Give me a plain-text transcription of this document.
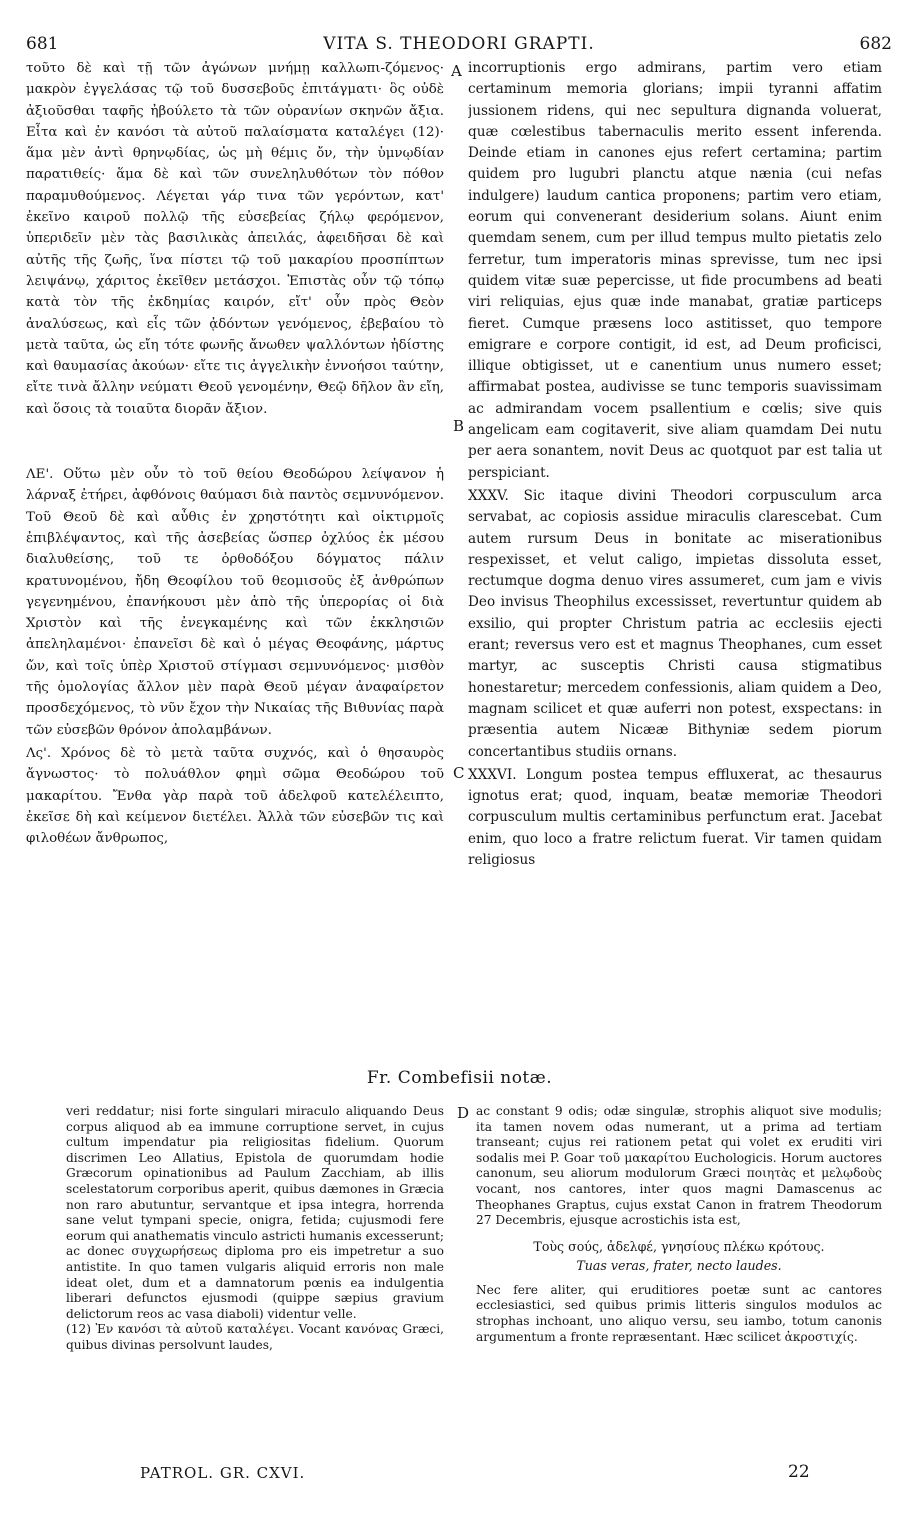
681	VITA S. THEODORI GRAPTI.	682

τοῦτο δὲ καὶ τῇ τῶν ἀγώνων μνήμῃ καλλωπι-ζόμενος· μακρὸν ἐγγελάσας τῷ τοῦ δυσσεβοῦς ἐπιτάγματι· ὃς οὐδὲ ἀξιοῦσθαι ταφῆς ἠβούλετο τὰ τῶν οὐρανίων σκηνῶν ἄξια. Εἶτα καὶ ἐν κανόσι τὰ αὐτοῦ παλαίσματα καταλέγει (12)· ἅμα μὲν ἀντὶ θρηνῳδίας, ὡς μὴ θέμις ὄν, τὴν ὑμνῳδίαν παρατιθείς· ἅμα δὲ καὶ τῶν συνεληλυθότων τὸν πόθον παραμυθούμενος. Λέγεται γάρ τινα τῶν γερόντων, κατ' ἐκεῖνο καιροῦ πολλῷ τῆς εὐσεβείας ζήλῳ φερόμενον, ὑπεριδεῖν μὲν τὰς βασιλικὰς ἀπειλάς, ἀφειδῆσαι δὲ καὶ αὐτῆς τῆς ζωῆς, ἵνα πίστει τῷ τοῦ μακαρίου προσπίπτων λειψάνῳ, χάριτος ἐκεῖθεν μετάσχοι. Ἐπιστὰς οὖν τῷ τόπῳ κατὰ τὸν τῆς ἐκδημίας καιρόν, εἴτ' οὖν πρὸς Θεὸν ἀναλύσεως, καὶ εἷς τῶν ᾀδόντων γενόμενος, ἐβεβαίου τὸ μετὰ ταῦτα, ὡς εἴη τότε φωνῆς ἄνωθεν ψαλλόντων ἡδίστης καὶ θαυμασίας ἀκούων· εἴτε τις ἀγγελικὴν ἐννοήσοι ταύτην, εἴτε τινὰ ἄλλην νεύματι Θεοῦ γενομένην, Θεῷ δῆλον ἂν εἴη, καὶ ὅσοις τὰ τοιαῦτα διορᾶν ἄξιον.

ΛΕ'. Οὕτω μὲν οὖν τὸ τοῦ θείου Θεοδώρου λείψανον ἡ λάρναξ ἐτήρει, ἀφθόνοις θαύμασι διὰ παντὸς σεμνυνόμενον. Τοῦ Θεοῦ δὲ καὶ αὖθις ἐν χρηστότητι καὶ οἰκτιρμοῖς ἐπιβλέψαντος, καὶ τῆς ἀσεβείας ὥσπερ ὀχλύος ἐκ μέσου διαλυθείσης, τοῦ τε ὀρθοδόξου δόγματος πάλιν κρατυνομένου, ἤδη Θεοφίλου τοῦ θεομισοῦς ἐξ ἀνθρώπων γεγενημένου, ἐπανήκουσι μὲν ἀπὸ τῆς ὑπερορίας οἱ διὰ Χριστὸν καὶ τῆς ἐνεγκαμένης καὶ τῶν ἐκκλησιῶν ἀπεληλαμένοι· ἐπανεῖσι δὲ καὶ ὁ μέγας Θεοφάνης, μάρτυς ὤν, καὶ τοῖς ὑπὲρ Χριστοῦ στίγμασι σεμνυνόμενος· μισθὸν τῆς ὁμολογίας ἄλλον μὲν παρὰ Θεοῦ μέγαν ἀναφαίρετον προσδεχόμενος, τὸ νῦν ἔχον τὴν Νικαίας τῆς Βιθυνίας παρὰ τῶν εὐσεβῶν θρόνον ἀπολαμβάνων.

Λς'. Χρόνος δὲ τὸ μετὰ ταῦτα συχνός, καὶ ὁ θησαυρὸς ἄγνωστος· τὸ πολυάθλον φημὶ σῶμα Θεοδώρου τοῦ μακαρίτου. Ἔνθα γὰρ παρὰ τοῦ ἀδελφοῦ κατελέλειπτο, ἐκεῖσε δὴ καὶ κείμενον διετέλει. Ἀλλὰ τῶν εὐσεβῶν τις καὶ φιλοθέων ἄνθρωπος,

incorruptionis ergo admirans, partim vero etiam certaminum memoria glorians; impii tyranni affatim jussionem ridens, qui nec sepultura dignanda voluerat, quæ cœlestibus tabernaculis merito essent inferenda. Deinde etiam in canones ejus refert certamina; partim quidem pro lugubri planctu atque næniа (cui nefas indulgere) laudum cantica proponens; partim vero etiam, eorum qui convenerant desiderium solans. Aiunt enim quemdam senem, cum per illud tempus multo pietatis zelo ferretur, tum imperatoris minas sprevisse, tum nec ipsi quidem vitæ suæ pepercisse, ut fide procumbens ad beati viri reliquias, ejus quæ inde manabat, gratiæ particeps fieret. Cumque præsens loco astitisset, quo tempore emigrare e corpore contigit, id est, ad Deum proficisci, illique obtigisset, ut e canentium unus numero esset; affirmabat postea, audivisse se tunc temporis suavissimam ac admirandam vocem psallentium e cœlis; sive quis angelicam eam cogitaverit, sive aliam quamdam Dei nutu per aera sonantem, novit Deus ac quotquot par est talia ut perspiciant.

XXXV. Sic itaque divini Theodori corpusculum arca servabat, ac copiosis assidue miraculis clarescebat. Cum autem rursum Deus in bonitate ac miserationibus respexisset, et velut caligo, impietas dissoluta esset, rectumque dogma denuo vires assumeret, cum jam e vivis Deo invisus Theophilus excessisset, revertuntur quidem ab exsilio, qui propter Christum patria ac ecclesiis ejecti erant; reversus vero est et magnus Theophanes, cum esset martyr, ac susceptis Christi causa stigmatibus honestaretur; mercedem confessionis, aliam quidem a Deo, magnam scilicet et quæ auferri non potest, exspectans: in præsentia autem Nicææ Bithyniæ sedem piorum concertantibus studiis ornans.

XXXVI. Longum postea tempus effluxerat, ac thesaurus ignotus erat; quod, inquam, beatæ memoriæ Theodori corpusculum multis certaminibus perfunctum erat. Jacebat enim, quo loco a fratre relictum fuerat. Vir tamen quidam religiosus

A
B
C
D
Fr. Combefisii notæ.

veri reddatur; nisi forte singulari miraculo aliquando Deus corpus aliquod ab ea immune corruptione servet, in cujus cultum impendatur pia religiositas fidelium. Quorum discrimen Leo Allatius, Epistola de quorumdam hodie Græcorum opinationibus ad Paulum Zacchiam, ab illis scelestatorum corporibus aperit, quibus dæmones in Græcia non raro abutuntur, servantque et ipsa integra, horrenda sane velut tympani specie, onigra, fetida; cujusmodi fere eorum qui anathematis vinculo astricti humanis excesserunt; ac donec συγχωρήσεως diploma pro eis impetretur a suo antistite. In quo tamen vulgaris aliquid erroris non male ideat olet, dum et a damnatorum pœnis ea indulgentia liberari defunctos ejusmodi (quippe sæpius gravium delictorum reos ac vasa diaboli) videntur velle.

(12) Ἐν κανόσι τὰ αὐτοῦ καταλέγει. Vocant κανόνας Græci, quibus divinas persolvunt laudes,

ac constant 9 odis; odæ singulæ, strophis aliquot sive modulis; ita tamen novem odas numerant, ut a prima ad tertiam transeant; cujus rei rationem petat qui volet ex eruditi viri sodalis mei P. Goar τοῦ μακαρίτου Euchologicis. Horum auctores canonum, seu aliorum modulorum Græci ποιητὰς et μελῳδοὺς vocant, nos cantores, inter quos magni Damascenus ac Theophanes Graptus, cujus exstat Canon in fratrem Theodorum 27 Decembris, ejusque acrostichis ista est,

Τοὺς σούς, ἀδελφέ, γνησίους πλέκω κρότους.

Tuas veras, frater, necto laudes.

Nec fere aliter, qui eruditiores poetæ sunt ac cantores ecclesiastici, sed quibus primis litteris singulos modulos ac strophas inchoant, uno aliquo versu, seu iambo, totum canonis argumentum a fronte repræsentant. Hæc scilicet ἀκροστιχίς.

PATROL. GR. CXVI.	22
